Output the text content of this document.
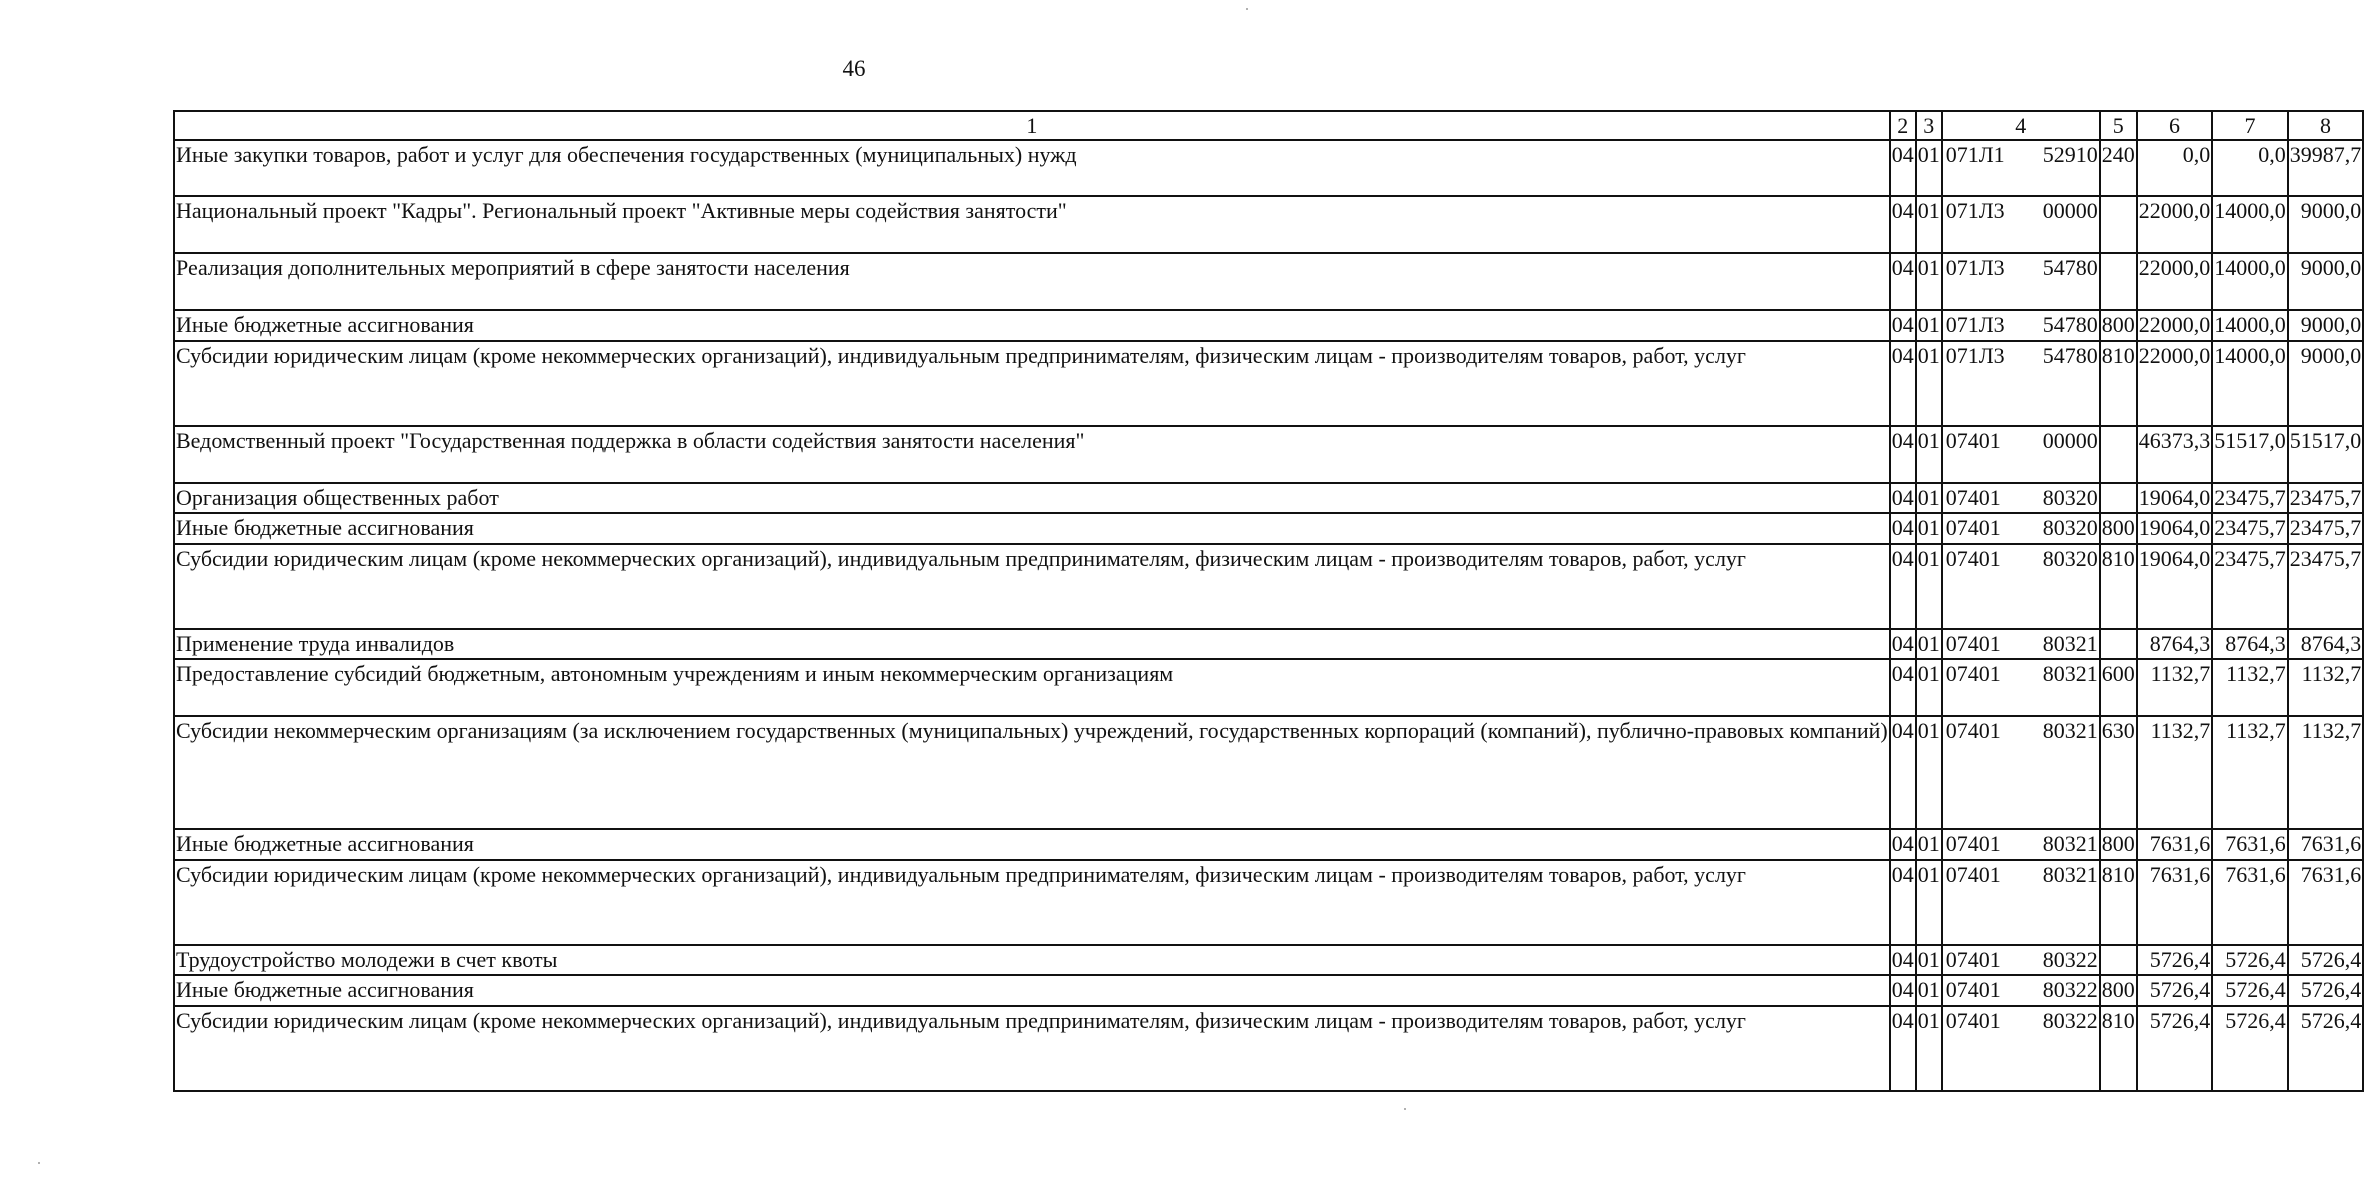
46
1	2	3	4	5	6	7	8

Иные закупки товаров, работ и услуг для обеспечения государственных (муниципальных) нужд	04	01	071Л1 52910	240	0,0	0,0	39987,7

Национальный проект "Кадры". Региональный проект "Активные меры содействия занятости"	04	01	071Л3 00000		22000,0	14000,0	9000,0

Реализация дополнительных мероприятий в сфере занятости населения	04	01	071Л3 54780		22000,0	14000,0	9000,0

Иные бюджетные ассигнования	04	01	071Л3 54780	800	22000,0	14000,0	9000,0

Субсидии юридическим лицам (кроме некоммерческих организаций), индивидуальным предпринимателям, физическим лицам - производителям товаров, работ, услуг	04	01	071Л3 54780	810	22000,0	14000,0	9000,0

Ведомственный проект "Государственная поддержка в области содействия занятости населения"	04	01	07401 00000		46373,3	51517,0	51517,0

Организация общественных работ	04	01	07401 80320		19064,0	23475,7	23475,7

Иные бюджетные ассигнования	04	01	07401 80320	800	19064,0	23475,7	23475,7

Субсидии юридическим лицам (кроме некоммерческих организаций), индивидуальным предпринимателям, физическим лицам - производителям товаров, работ, услуг	04	01	07401 80320	810	19064,0	23475,7	23475,7

Применение труда инвалидов	04	01	07401 80321		8764,3	8764,3	8764,3

Предоставление субсидий бюджетным, автономным учреждениям и иным некоммерческим организациям	04	01	07401 80321	600	1132,7	1132,7	1132,7

Субсидии некоммерческим организациям (за исключением государственных (муниципальных) учреждений, государственных корпораций (компаний), публично-правовых компаний)	04	01	07401 80321	630	1132,7	1132,7	1132,7

Иные бюджетные ассигнования	04	01	07401 80321	800	7631,6	7631,6	7631,6

Субсидии юридическим лицам (кроме некоммерческих организаций), индивидуальным предпринимателям, физическим лицам - производителям товаров, работ, услуг	04	01	07401 80321	810	7631,6	7631,6	7631,6

Трудоустройство молодежи в счет квоты	04	01	07401 80322		5726,4	5726,4	5726,4

Иные бюджетные ассигнования	04	01	07401 80322	800	5726,4	5726,4	5726,4

Субсидии юридическим лицам (кроме некоммерческих организаций), индивидуальным предпринимателям, физическим лицам - производителям товаров, работ, услуг	04	01	07401 80322	810	5726,4	5726,4	5726,4
